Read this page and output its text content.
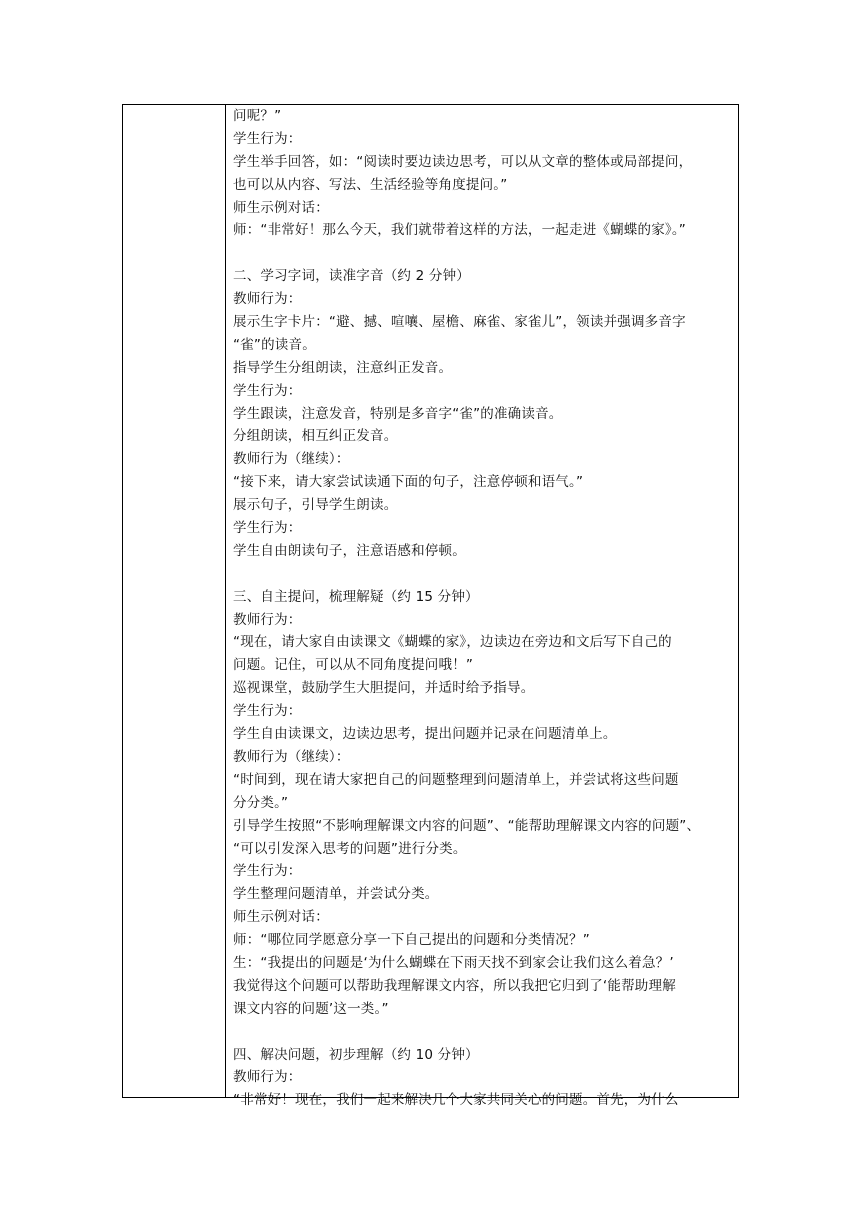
问呢？”
学生行为：
学生举手回答，如：“阅读时要边读边思考，可以从文章的整体或局部提问，
也可以从内容、写法、生活经验等角度提问。”
师生示例对话：
师：“非常好！那么今天，我们就带着这样的方法，一起走进《蝴蝶的家》。”
二、学习字词，读准字音（约 2 分钟）
教师行为：
展示生字卡片：“避、撼、喧嚷、屋檐、麻雀、家雀儿”，领读并强调多音字
“雀”的读音。
指导学生分组朗读，注意纠正发音。
学生行为：
学生跟读，注意发音，特别是多音字“雀”的准确读音。
分组朗读，相互纠正发音。
教师行为（继续）：
“接下来，请大家尝试读通下面的句子，注意停顿和语气。”
展示句子，引导学生朗读。
学生行为：
学生自由朗读句子，注意语感和停顿。
三、自主提问，梳理解疑（约 15 分钟）
教师行为：
“现在，请大家自由读课文《蝴蝶的家》，边读边在旁边和文后写下自己的
问题。记住，可以从不同角度提问哦！”
巡视课堂，鼓励学生大胆提问，并适时给予指导。
学生行为：
学生自由读课文，边读边思考，提出问题并记录在问题清单上。
教师行为（继续）：
“时间到，现在请大家把自己的问题整理到问题清单上，并尝试将这些问题
分分类。”
引导学生按照“不影响理解课文内容的问题”、“能帮助理解课文内容的问题”、
“可以引发深入思考的问题”进行分类。
学生行为：
学生整理问题清单，并尝试分类。
师生示例对话：
师：“哪位同学愿意分享一下自己提出的问题和分类情况？”
生：“我提出的问题是‘为什么蝴蝶在下雨天找不到家会让我们这么着急？’
我觉得这个问题可以帮助我理解课文内容，所以我把它归到了‘能帮助理解
课文内容的问题’这一类。”
四、解决问题，初步理解（约 10 分钟）
教师行为：
“非常好！现在，我们一起来解决几个大家共同关心的问题。首先，为什么
